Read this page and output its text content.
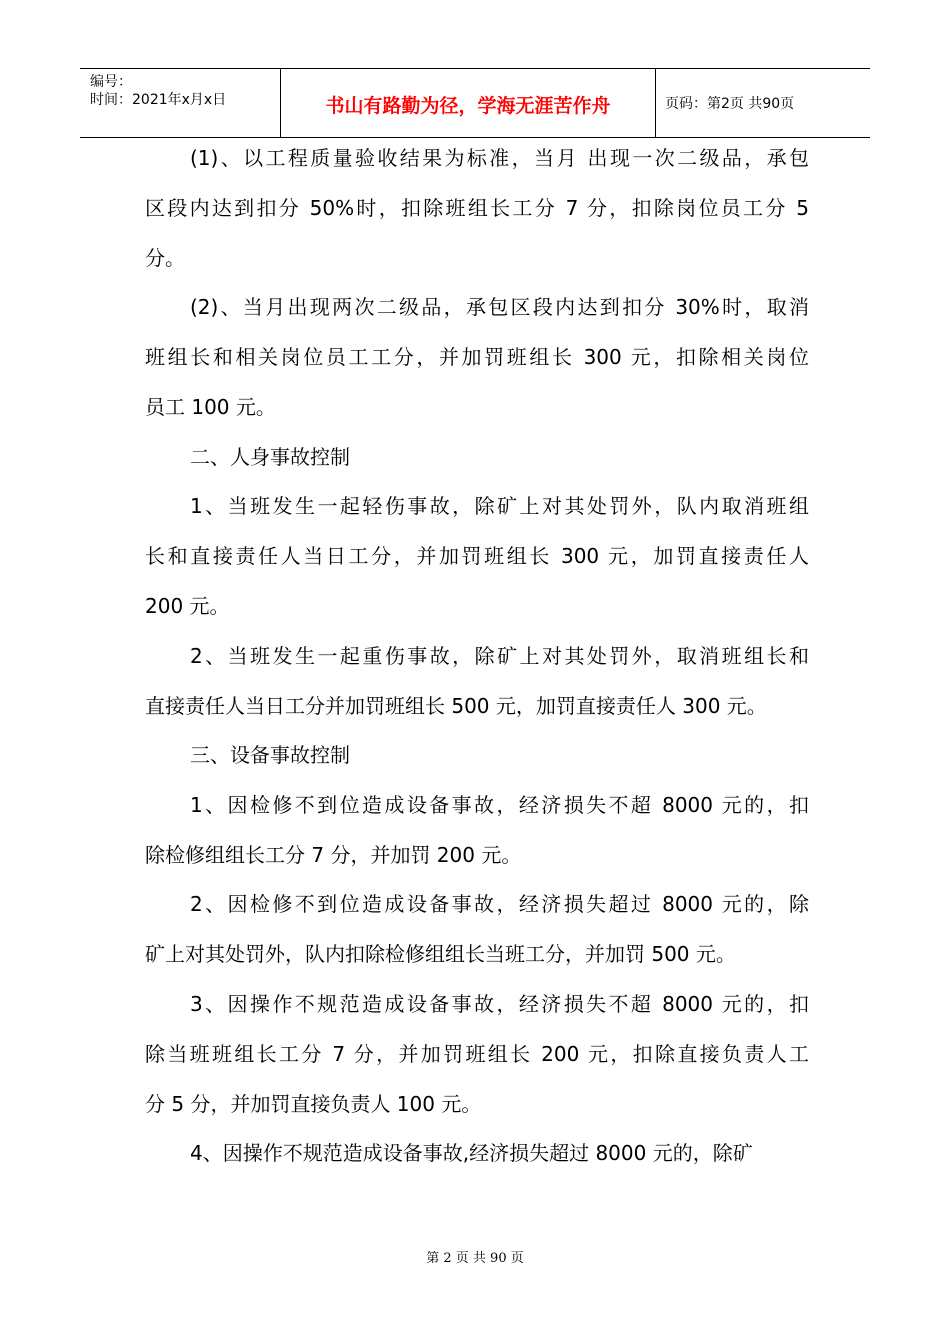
编号：
时间：2021年x月x日	书山有路勤为径，学海无涯苦作舟	页码：第2页 共90页
(1)、以工程质量验收结果为标准，当月 出现一次二级品，承包
区段内达到扣分 50%时，扣除班组长工分 7 分，扣除岗位员工分 5
分。
(2)、当月出现两次二级品，承包区段内达到扣分 30%时，取消
班组长和相关岗位员工工分，并加罚班组长 300 元，扣除相关岗位
员工 100 元。
二、人身事故控制
1、当班发生一起轻伤事故，除矿上对其处罚外，队内取消班组
长和直接责任人当日工分，并加罚班组长 300 元，加罚直接责任人
200 元。
2、当班发生一起重伤事故，除矿上对其处罚外，取消班组长和
直接责任人当日工分并加罚班组长 500 元，加罚直接责任人 300 元。
三、设备事故控制
1、因检修不到位造成设备事故，经济损失不超 8000 元的，扣
除检修组组长工分 7 分，并加罚 200 元。
2、因检修不到位造成设备事故，经济损失超过 8000 元的，除
矿上对其处罚外，队内扣除检修组组长当班工分，并加罚 500 元。
3、因操作不规范造成设备事故，经济损失不超 8000 元的，扣
除当班班组长工分 7 分，并加罚班组长 200 元，扣除直接负责人工
分 5 分，并加罚直接负责人 100 元。
4、因操作不规范造成设备事故,经济损失超过 8000 元的，除矿
第 2 页 共 90 页
